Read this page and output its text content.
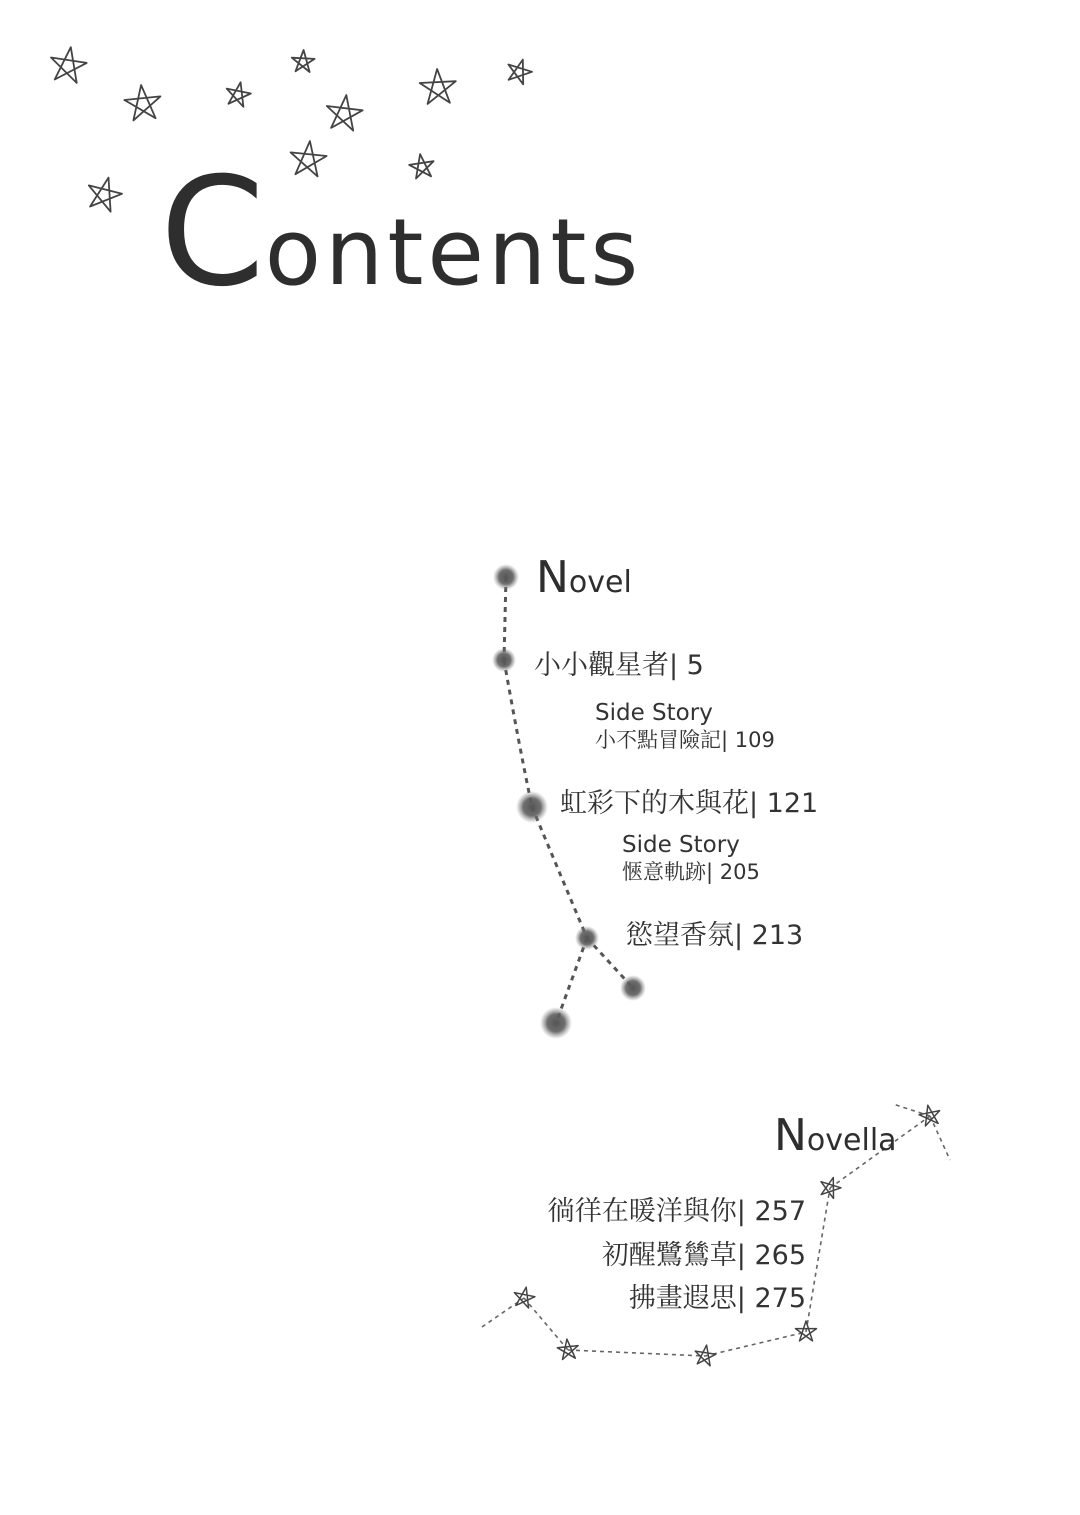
Contents
Novel
小小觀星者| 5
Side Story
小不點冒險記| 109
虹彩下的木與花| 121
Side Story
愜意軌跡| 205
慾望香氛| 213
Novella
徜徉在暖洋與你| 257
初醒鷺鷥草| 265
拂畫遐思| 275
